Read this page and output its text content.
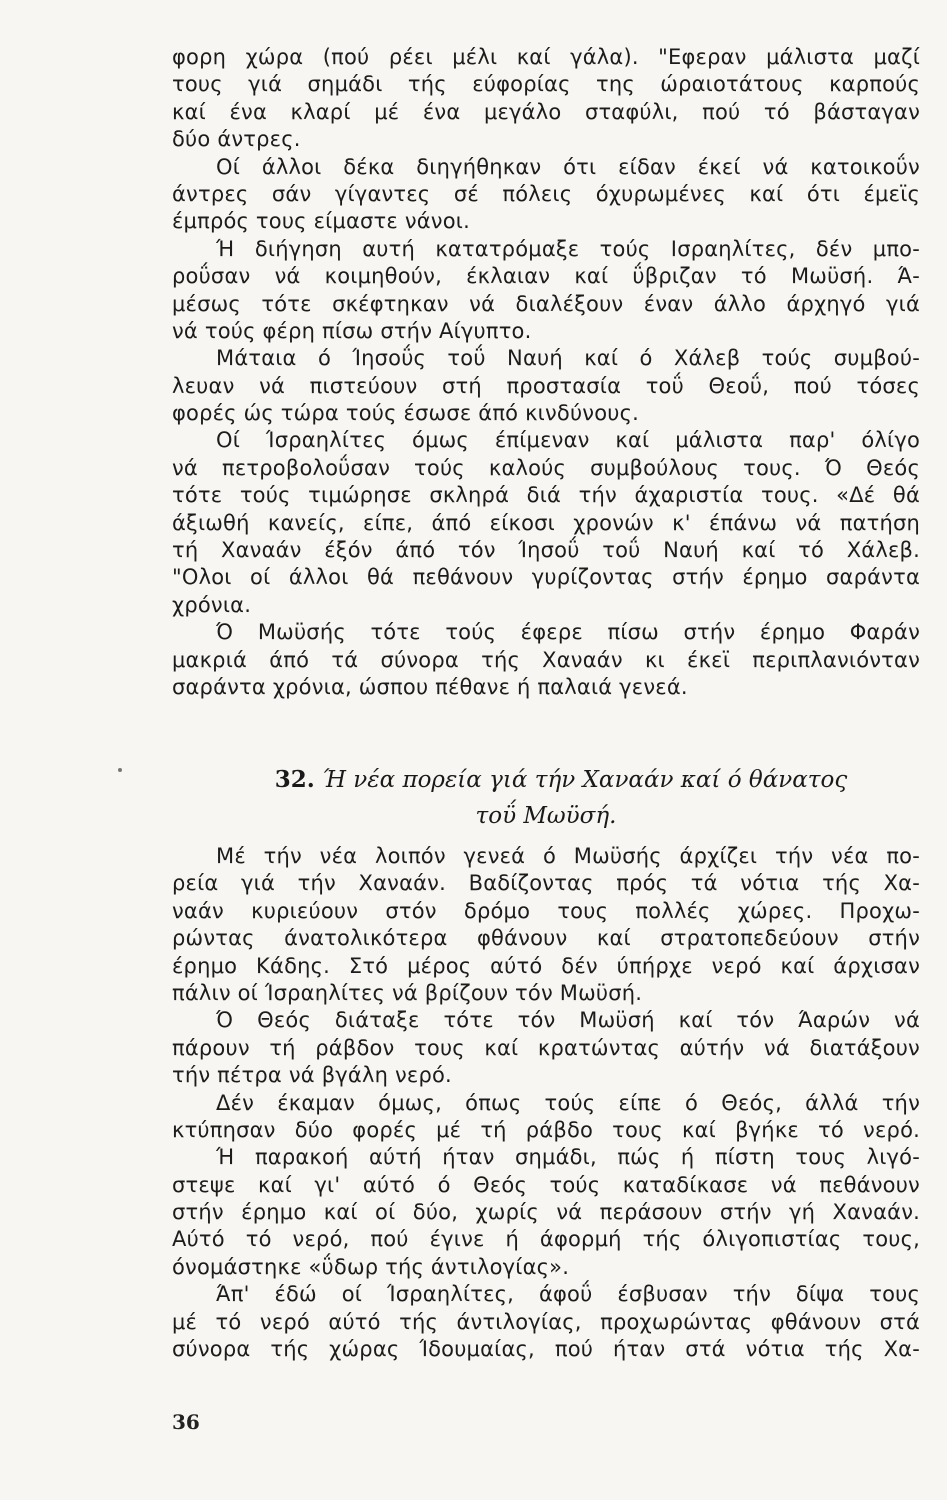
φορη χώρα (πού ρέει μέλι καί γάλα). "Εφεραν μάλιστα μαζί
τους γιά σημάδι τής εύφορίας της ώραιοτάτους καρπούς
καί ένα κλαρί μέ ένα μεγάλο σταφύλι, πού τό βάσταγαν
δύο άντρες.
Οί άλλοι δέκα διηγήθηκαν ότι είδαν έκεί νά κατοικοΰν
άντρες σάν γίγαντες σέ πόλεις όχυρωμένες καί ότι έμεϊς
έμπρός τους είμαστε νάνοι.
Ή διήγηση αυτή κατατρόμαξε τούς Ισραηλίτες, δέν μπο-
ροΰσαν νά κοιμηθούν, έκλαιαν καί ΰβριζαν τό Μωϋσή. Ά-
μέσως τότε σκέφτηκαν νά διαλέξουν έναν άλλο άρχηγό γιά
νά τούς φέρη πίσω στήν Αίγυπτο.
Μάταια ό Ίησοΰς τοΰ Ναυή καί ό Χάλεβ τούς συμβού-
λευαν νά πιστεύουν στή προστασία τοΰ Θεοΰ, πού τόσες
φορές ώς τώρα τούς έσωσε άπό κινδύνους.
Οί Ίσραηλίτες όμως έπίμεναν καί μάλιστα παρ' όλίγο
νά πετροβολοΰσαν τούς καλούς συμβούλους τους. Ό Θεός
τότε τούς τιμώρησε σκληρά διά τήν άχαριστία τους. «Δέ θά
άξιωθή κανείς, είπε, άπό είκοσι χρονών κ' έπάνω νά πατήση
τή Χαναάν έξόν άπό τόν Ίησοΰ τοΰ Ναυή καί τό Χάλεβ.
"Ολοι οί άλλοι θά πεθάνουν γυρίζοντας στήν έρημο σαράντα
χρόνια.
Ό Μωϋσής τότε τούς έφερε πίσω στήν έρημο Φαράν
μακριά άπό τά σύνορα τής Χαναάν κι έκεϊ περιπλανιόνταν
σαράντα χρόνια, ώσπου πέθανε ή παλαιά γενεά.
32. Ή νέα πορεία γιά τήν Χαναάν καί ό θάνατος
τοΰ Μωϋσή.
Μέ τήν νέα λοιπόν γενεά ό Μωϋσής άρχίζει τήν νέα πο-
ρεία γιά τήν Χαναάν. Βαδίζοντας πρός τά νότια τής Χα-
ναάν κυριεύουν στόν δρόμο τους πολλές χώρες. Προχω-
ρώντας άνατολικότερα φθάνουν καί στρατοπεδεύουν στήν
έρημο Κάδης. Στό μέρος αύτό δέν ύπήρχε νερό καί άρχισαν
πάλιν οί Ίσραηλίτες νά βρίζουν τόν Μωϋσή.
Ό Θεός διάταξε τότε τόν Μωϋσή καί τόν Άαρών νά
πάρουν τή ράβδον τους καί κρατώντας αύτήν νά διατάξουν
τήν πέτρα νά βγάλη νερό.
Δέν έκαμαν όμως, όπως τούς είπε ό Θεός, άλλά τήν
κτύπησαν δύο φορές μέ τή ράβδο τους καί βγήκε τό νερό.
Ή παρακοή αύτή ήταν σημάδι, πώς ή πίστη τους λιγό-
στεψε καί γι' αύτό ό Θεός τούς καταδίκασε νά πεθάνουν
στήν έρημο καί οί δύο, χωρίς νά περάσουν στήν γή Χαναάν.
Αύτό τό νερό, πού έγινε ή άφορμή τής όλιγοπιστίας τους,
όνομάστηκε «ΰδωρ τής άντιλογίας».
Άπ' έδώ οί Ίσραηλίτες, άφοΰ έσβυσαν τήν δίψα τους
μέ τό νερό αύτό τής άντιλογίας, προχωρώντας φθάνουν στά
σύνορα τής χώρας Ίδουμαίας, πού ήταν στά νότια τής Χα-
36
